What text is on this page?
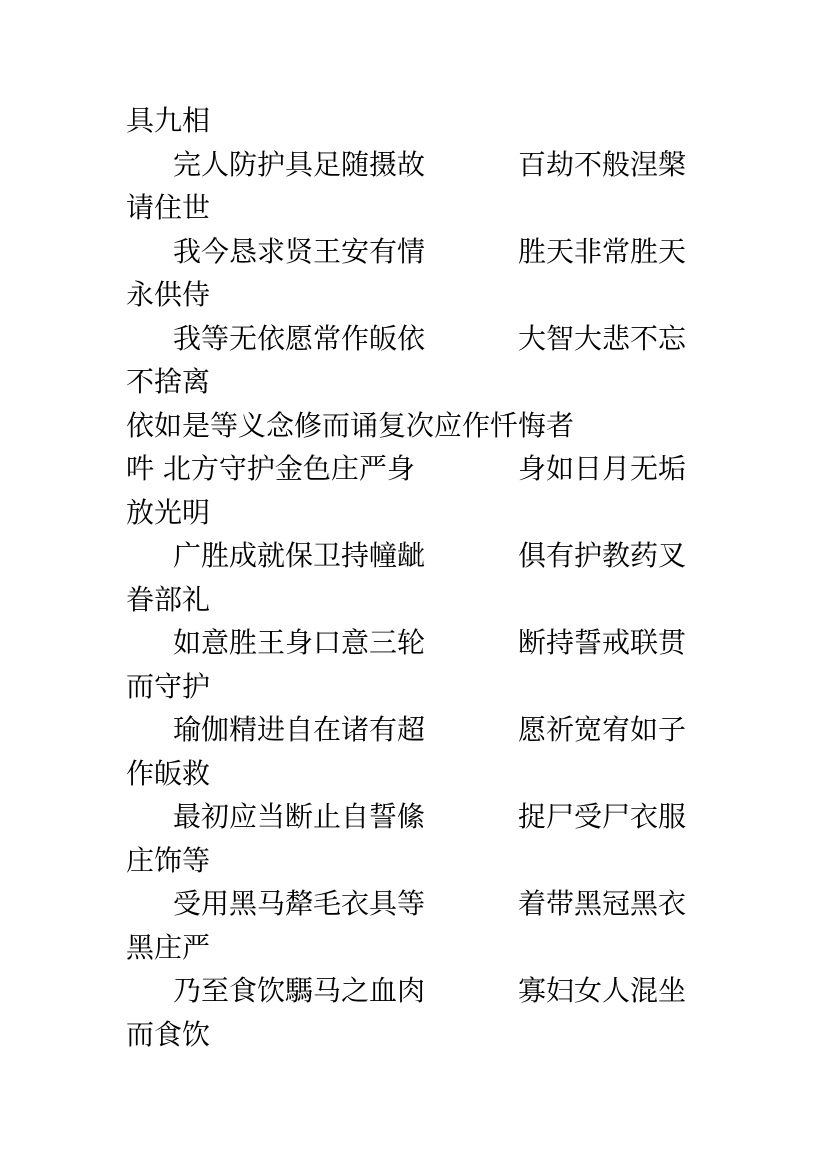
具九相
完人防护具足随摄故	百劫不般涅槃
请住世
我今恳求贤王安有情	胜天非常胜天
永供侍
我等无依愿常作皈依	大智大悲不忘
不捨离
依如是等义念修而诵复次应作忏悔者
吽 北方守护金色庄严身	身如日月无垢
放光明
广胜成就保卫持幢龇	俱有护教药叉
眷部礼
如意胜王身口意三轮	断持誓戒联贯
而守护
瑜伽精进自在诸有超	愿祈宽宥如子
作皈救
最初应当断止自誓絛	捉尸受尸衣服
庄饰等
受用黑马犛毛衣具等	着带黑冠黑衣
黑庄严
乃至食饮騳马之血肉	寡妇女人混坐
而食饮
